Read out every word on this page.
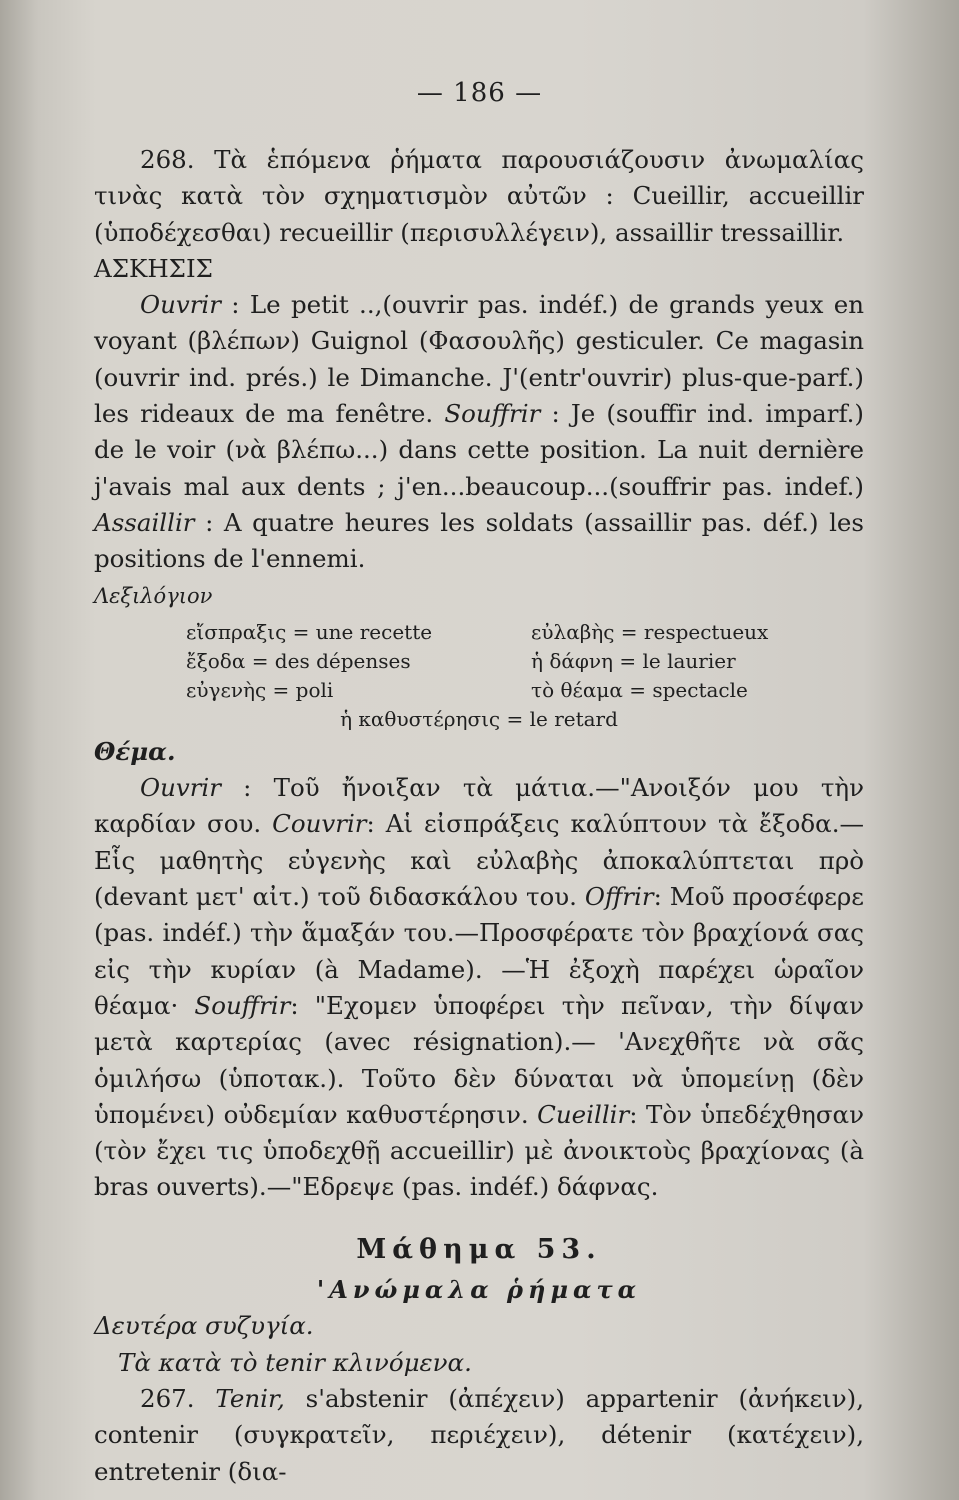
— 186 —

268. Τὰ ἑπόμενα ῥήματα παρουσιάζουσιν ἀνωμαλίας τινὰς κατὰ τὸν σχηματισμὸν αὐτῶν : Cueillir, accueillir (ὑποδέχεσθαι) recueillir (περισυλλέγειν), assaillir tressaillir.

ΑΣΚΗΣΙΣ

Ouvrir : Le petit ..,(ouvrir pas. indéf.) de grands yeux en voyant (βλέπων) Guignol (Φασουλῆς) gesticuler. Ce magasin (ouvrir ind. prés.) le Dimanche. J'(entr'ouvrir) plus-que-parf.) les rideaux de ma fenêtre. Souffrir : Je (souffir ind. imparf.) de le voir (νὰ βλέπω...) dans cette position. La nuit dernière j'avais mal aux dents ; j'en...beaucoup...(souffrir pas. indef.) Assaillir : A quatre heures les soldats (assaillir pas. déf.) les positions de l'ennemi.

Λεξιλόγιον

εἴσπραξις = une recette	εὐλαβὴς = respectueux
ἔξοδα = des dépenses	ἡ δάφνη = le laurier
εὐγενὴς = poli	τὸ θέαμα = spectacle
ἡ καθυστέρησις = le retard

Θέμα.

Ouvrir : Τοῦ ἤνοιξαν τὰ μάτια.—"Ανοιξόν μου τὴν καρδίαν σου. Couvrir: Αἱ εἰσπράξεις καλύπτουν τὰ ἔξοδα.—Εἷς μαθητὴς εὐγενὴς καὶ εὐλαβὴς ἀποκαλύπτεται πρὸ (devant μετ' αἰτ.) τοῦ διδασκάλου του. Offrir: Μοῦ προσέφερε (pas. indéf.) τὴν ἅμαξάν του.—Προσφέρατε τὸν βραχίονά σας εἰς τὴν κυρίαν (à Madame). —Ἡ ἐξοχὴ παρέχει ὡραῖον θέαμα· Souffrir: "Εχομεν ὑποφέρει τὴν πεῖναν, τὴν δίψαν μετὰ καρτερίας (avec résignation).— 'Ανεχθῆτε νὰ σᾶς ὁμιλήσω (ὑποτακ.). Τοῦτο δὲν δύναται νὰ ὑπομείνῃ (δὲν ὑπομένει) οὐδεμίαν καθυστέρησιν. Cueillir: Τὸν ὑπεδέχθησαν (τὸν ἔχει τις ὑποδεχθῇ accueillir) μὲ ἀνοικτοὺς βραχίονας (à bras ouverts).—"Εδρεψε (pas. indéf.) δάφνας.

Μάθημα 53.
'Ανώμαλα ῥήματα

Δευτέρα συζυγία.

Τὰ κατὰ τὸ tenir κλινόμενα.

267. Tenir, s'abstenir (ἀπέχειν) appartenir (ἀνήκειν), contenir (συγκρατεῖν, περιέχειν), détenir (κατέχειν), entretenir (δια-
